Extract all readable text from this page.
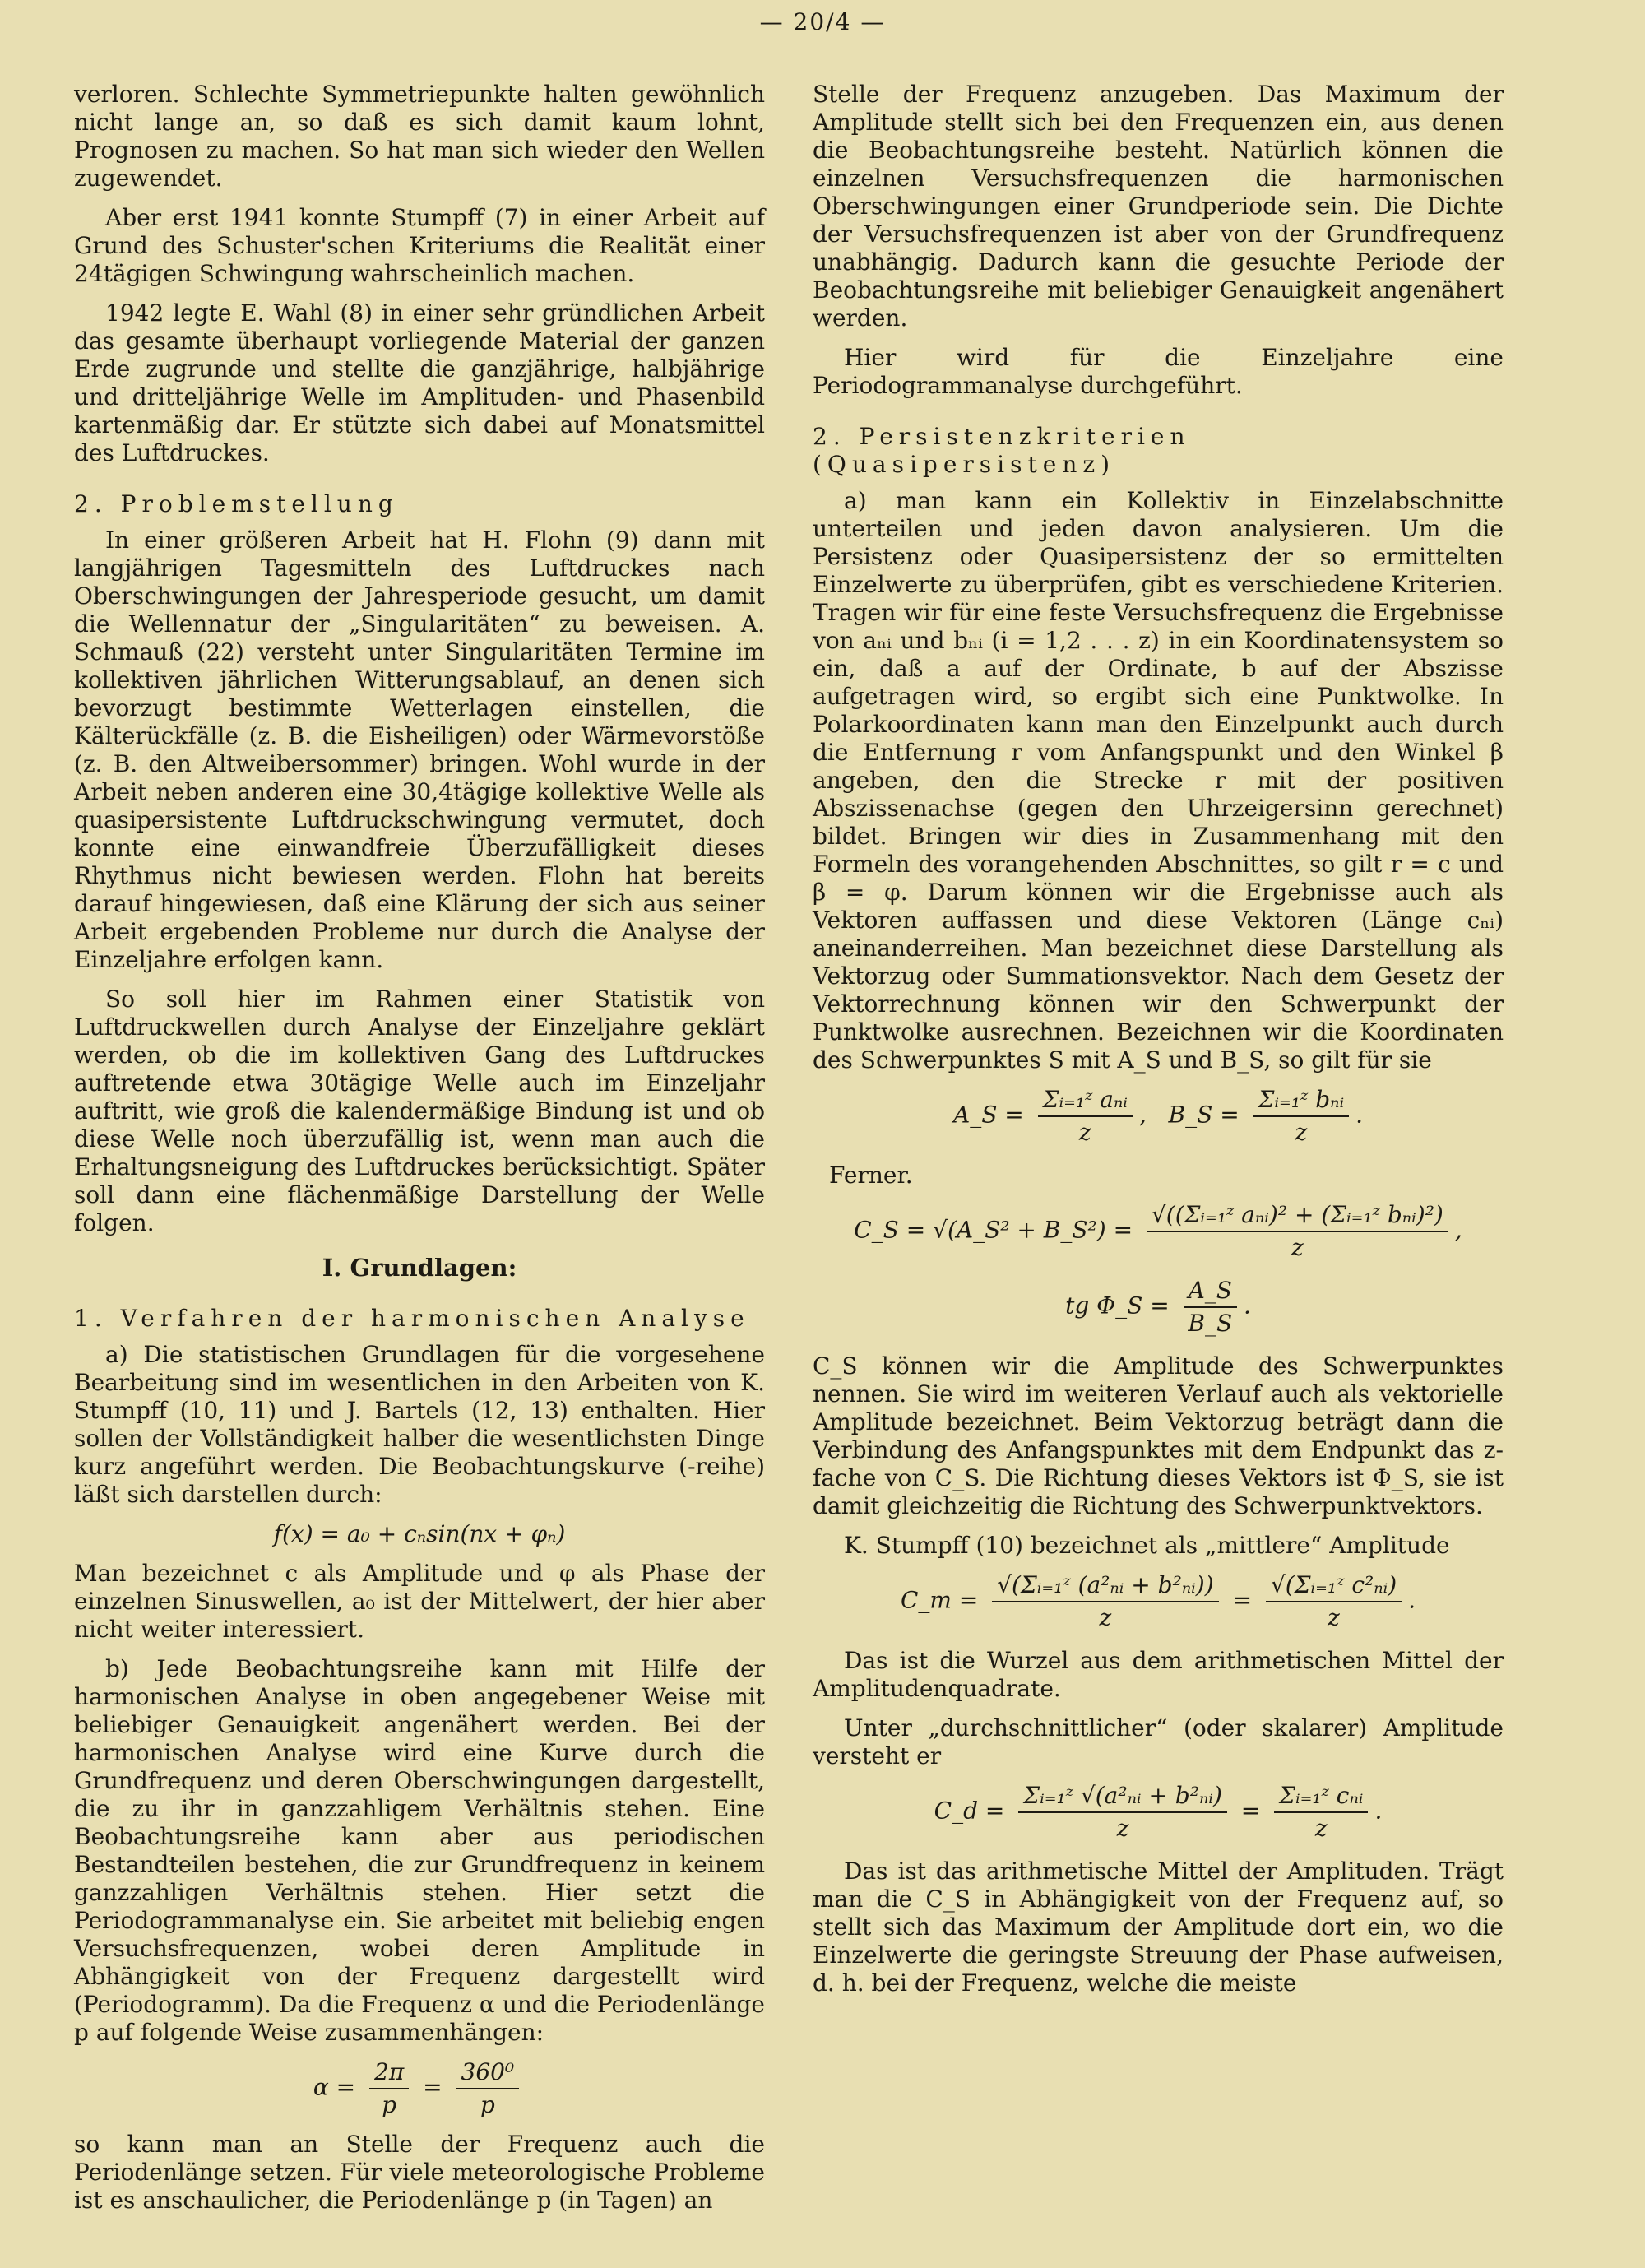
— 20/4 —

verloren. Schlechte Symmetriepunkte halten gewöhnlich nicht lange an, so daß es sich damit kaum lohnt, Prognosen zu machen. So hat man sich wieder den Wellen zugewendet.

Aber erst 1941 konnte Stumpff (7) in einer Arbeit auf Grund des Schuster'schen Kriteriums die Realität einer 24tägigen Schwingung wahrscheinlich machen.

1942 legte E. Wahl (8) in einer sehr gründlichen Arbeit das gesamte überhaupt vorliegende Material der ganzen Erde zugrunde und stellte die ganzjährige, halbjährige und dritteljährige Welle im Amplituden- und Phasenbild kartenmäßig dar. Er stützte sich dabei auf Monatsmittel des Luftdruckes.

2. Problemstellung

In einer größeren Arbeit hat H. Flohn (9) dann mit langjährigen Tagesmitteln des Luftdruckes nach Oberschwingungen der Jahresperiode gesucht, um damit die Wellennatur der „Singularitäten“ zu beweisen. A. Schmauß (22) versteht unter Singularitäten Termine im kollektiven jährlichen Witterungsablauf, an denen sich bevorzugt bestimmte Wetterlagen einstellen, die Kälterückfälle (z. B. die Eisheiligen) oder Wärmevorstöße (z. B. den Altweibersommer) bringen. Wohl wurde in der Arbeit neben anderen eine 30,4tägige kollektive Welle als quasipersistente Luftdruckschwingung vermutet, doch konnte eine einwandfreie Überzufälligkeit dieses Rhythmus nicht bewiesen werden. Flohn hat bereits darauf hingewiesen, daß eine Klärung der sich aus seiner Arbeit ergebenden Probleme nur durch die Analyse der Einzeljahre erfolgen kann.

So soll hier im Rahmen einer Statistik von Luftdruckwellen durch Analyse der Einzeljahre geklärt werden, ob die im kollektiven Gang des Luftdruckes auftretende etwa 30tägige Welle auch im Einzeljahr auftritt, wie groß die kalendermäßige Bindung ist und ob diese Welle noch überzufällig ist, wenn man auch die Erhaltungsneigung des Luftdruckes berücksichtigt. Später soll dann eine flächenmäßige Darstellung der Welle folgen.

I. Grundlagen:
1. Verfahren der harmonischen Analyse

a) Die statistischen Grundlagen für die vorgesehene Bearbeitung sind im wesentlichen in den Arbeiten von K. Stumpff (10, 11) und J. Bartels (12, 13) enthalten. Hier sollen der Vollständigkeit halber die wesentlichsten Dinge kurz angeführt werden. Die Beobachtungskurve (-reihe) läßt sich darstellen durch:

f(x) = a₀ + cₙsin(nx + φₙ)

Man bezeichnet c als Amplitude und φ als Phase der einzelnen Sinuswellen, a₀ ist der Mittelwert, der hier aber nicht weiter interessiert.

b) Jede Beobachtungsreihe kann mit Hilfe der harmonischen Analyse in oben angegebener Weise mit beliebiger Genauigkeit angenähert werden. Bei der harmonischen Analyse wird eine Kurve durch die Grundfrequenz und deren Oberschwingungen dargestellt, die zu ihr in ganzzahligem Verhältnis stehen. Eine Beobachtungsreihe kann aber aus periodischen Bestandteilen bestehen, die zur Grundfrequenz in keinem ganzzahligen Verhältnis stehen. Hier setzt die Periodogrammanalyse ein. Sie arbeitet mit beliebig engen Versuchsfrequenzen, wobei deren Amplitude in Abhängigkeit von der Frequenz dargestellt wird (Periodogramm). Da die Frequenz α und die Periodenlänge p auf folgende Weise zusammenhängen:

$\alpha = \frac{2\pi}{p} = \frac{\text{360⁰}}{p}$

so kann man an Stelle der Frequenz auch die Periodenlänge setzen. Für viele meteorologische Probleme ist es anschaulicher, die Periodenlänge p (in Tagen) an

Stelle der Frequenz anzugeben. Das Maximum der Amplitude stellt sich bei den Frequenzen ein, aus denen die Beobachtungsreihe besteht. Natürlich können die einzelnen Versuchsfrequenzen die harmonischen Oberschwingungen einer Grundperiode sein. Die Dichte der Versuchsfrequenzen ist aber von der Grundfrequenz unabhängig. Dadurch kann die gesuchte Periode der Beobachtungsreihe mit beliebiger Genauigkeit angenähert werden.

Hier wird für die Einzeljahre eine Periodogrammanalyse durchgeführt.

2. Persistenzkriterien (Quasipersistenz)

a) man kann ein Kollektiv in Einzelabschnitte unterteilen und jeden davon analysieren. Um die Persistenz oder Quasipersistenz der so ermittelten Einzelwerte zu überprüfen, gibt es verschiedene Kriterien. Tragen wir für eine feste Versuchsfrequenz die Ergebnisse von aₙᵢ und bₙᵢ (i = 1,2 . . . z) in ein Koordinatensystem so ein, daß a auf der Ordinate, b auf der Abszisse aufgetragen wird, so ergibt sich eine Punktwolke. In Polarkoordinaten kann man den Einzelpunkt auch durch die Entfernung r vom Anfangspunkt und den Winkel β angeben, den die Strecke r mit der positiven Abszissenachse (gegen den Uhrzeigersinn gerechnet) bildet. Bringen wir dies in Zusammenhang mit den Formeln des vorangehenden Abschnittes, so gilt r = c und β = φ. Darum können wir die Ergebnisse auch als Vektoren auffassen und diese Vektoren (Länge cₙᵢ) aneinanderreihen. Man bezeichnet diese Darstellung als Vektorzug oder Summationsvektor. Nach dem Gesetz der Vektorrechnung können wir den Schwerpunkt der Punktwolke ausrechnen. Bezeichnen wir die Koordinaten des Schwerpunktes S mit A_S und B_S, so gilt für sie

A_S = $\frac{\text{Σᵢ₌₁ᶻ aₙᵢ}}{z}$ ,   B_S = $\frac{\text{Σᵢ₌₁ᶻ bₙᵢ}}{z}$ .

Ferner.

C_S = √(A_S² + B_S²) = $\frac{\text{√((Σᵢ₌₁ᶻ aₙᵢ)² + (Σᵢ₌₁ᶻ bₙᵢ)²)}}{z}$ ,
tg Φ_S = $\frac{A\_S}{B\_S}$ .

C_S können wir die Amplitude des Schwerpunktes nennen. Sie wird im weiteren Verlauf auch als vektorielle Amplitude bezeichnet. Beim Vektorzug beträgt dann die Verbindung des Anfangspunktes mit dem Endpunkt das z-fache von C_S. Die Richtung dieses Vektors ist Φ_S, sie ist damit gleichzeitig die Richtung des Schwerpunktvektors.

K. Stumpff (10) bezeichnet als „mittlere“ Amplitude

C_m = $\frac{\text{√(Σᵢ₌₁ᶻ (a²ₙᵢ + b²ₙᵢ))}}{z} = \frac{\text{√(Σᵢ₌₁ᶻ c²ₙᵢ)}}{z}$ .

Das ist die Wurzel aus dem arithmetischen Mittel der Amplitudenquadrate.

Unter „durchschnittlicher“ (oder skalarer) Amplitude versteht er

C_d = $\frac{\text{Σᵢ₌₁ᶻ √(a²ₙᵢ + b²ₙᵢ)}}{z} = \frac{\text{Σᵢ₌₁ᶻ cₙᵢ}}{z}$ .

Das ist das arithmetische Mittel der Amplituden. Trägt man die C_S in Abhängigkeit von der Frequenz auf, so stellt sich das Maximum der Amplitude dort ein, wo die Einzelwerte die geringste Streuung der Phase aufweisen, d. h. bei der Frequenz, welche die meiste
